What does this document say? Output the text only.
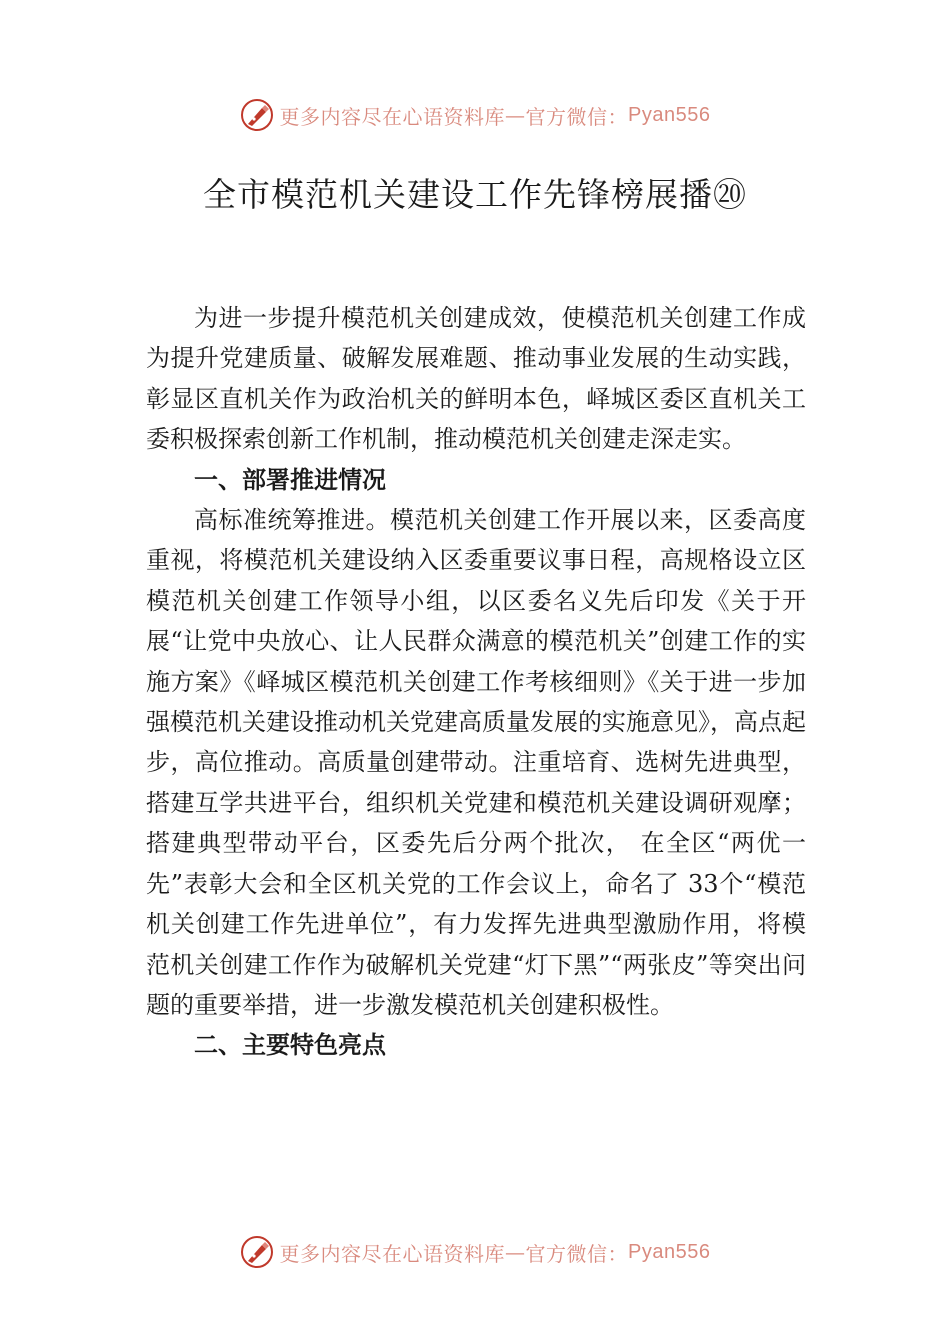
更多内容尽在心语资料库 — 官方微信： Pyan556
全市模范机关建设工作先锋榜展播⑳

为进一步提升模范机关创建成效，使模范机关创建工作成为提升党建质量、破解发展难题、推动事业发展的生动实践，彰显区直机关作为政治机关的鲜明本色，峄城区委区直机关工委积极探索创新工作机制，推动模范机关创建走深走实。

一、部署推进情况

高标准统筹推进。模范机关创建工作开展以来，区委高度重视，将模范机关建设纳入区委重要议事日程，高规格设立区模范机关创建工作领导小组，以区委名义先后印发《关于开展“让党中央放心、让人民群众满意的模范机关”创建工作的实施方案》《峄城区模范机关创建工作考核细则》《关于进一步加强模范机关建设推动机关党建高质量发展的实施意见》，高点起步，高位推动。高质量创建带动。注重培育、选树先进典型，搭建互学共进平台，组织机关党建和模范机关建设调研观摩；搭建典型带动平台，区委先后分两个批次， 在全区“两优一先”表彰大会和全区机关党的工作会议上，命名了 33个“模范机关创建工作先进单位”，有力发挥先进典型激励作用，将模范机关创建工作作为破解机关党建“灯下黑”“两张皮”等突出问题的重要举措，进一步激发模范机关创建积极性。

二、主要特色亮点
更多内容尽在心语资料库 — 官方微信： Pyan556
